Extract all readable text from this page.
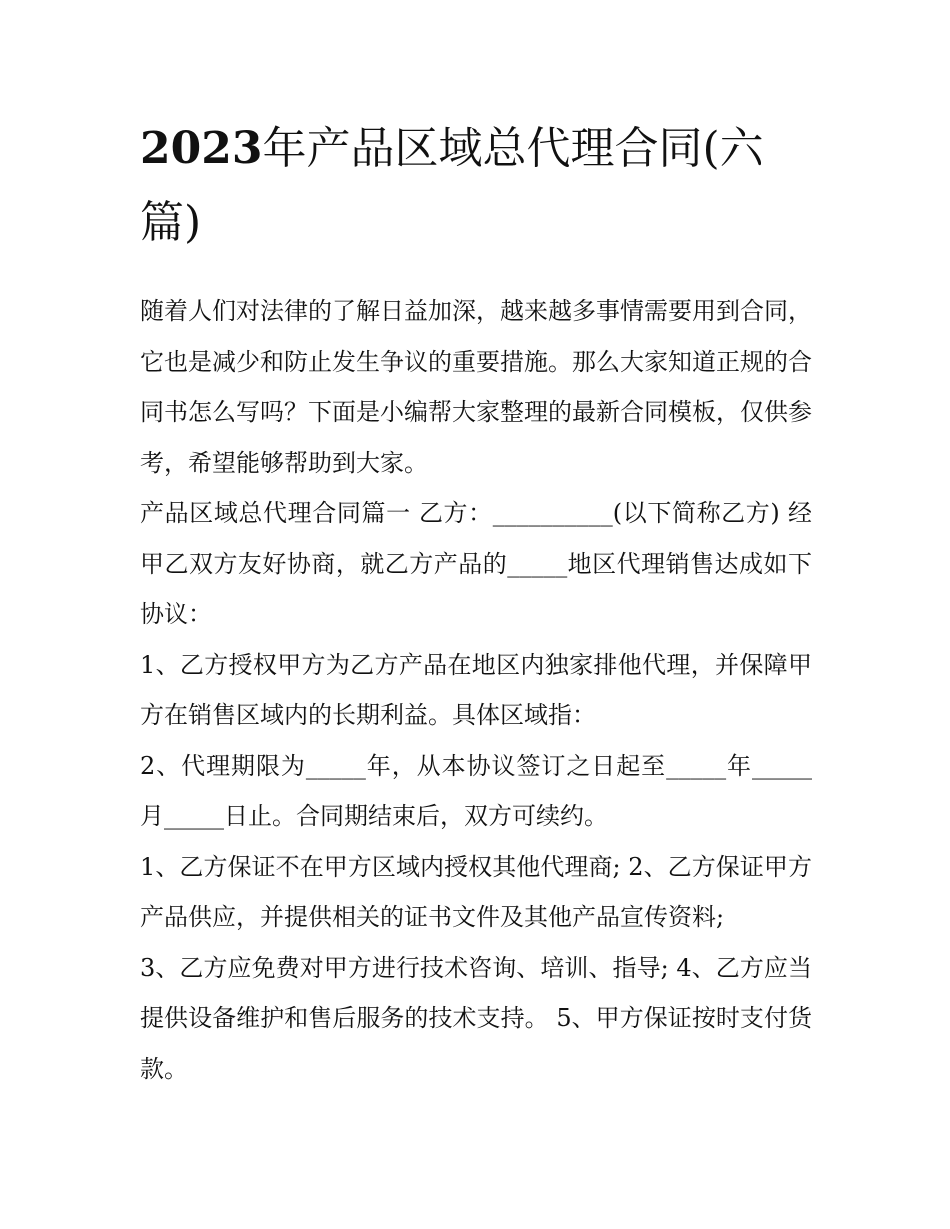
2023年产品区域总代理合同(六篇)

随着人们对法律的了解日益加深，越来越多事情需要用到合同，它也是减少和防止发生争议的重要措施。那么大家知道正规的合同书怎么写吗？下面是小编帮大家整理的最新合同模板，仅供参考，希望能够帮助到大家。

产品区域总代理合同篇一 乙方：__________(以下简称乙方) 经甲乙双方友好协商，就乙方产品的_____地区代理销售达成如下协议：

1、乙方授权甲方为乙方产品在地区内独家排他代理，并保障甲方在销售区域内的长期利益。具体区域指：

2、代理期限为_____年，从本协议签订之日起至_____年_____月_____日止。合同期结束后，双方可续约。

1、乙方保证不在甲方区域内授权其他代理商; 2、乙方保证甲方产品供应，并提供相关的证书文件及其他产品宣传资料;

3、乙方应免费对甲方进行技术咨询、培训、指导; 4、乙方应当提供设备维护和售后服务的技术支持。 5、甲方保证按时支付货款。
